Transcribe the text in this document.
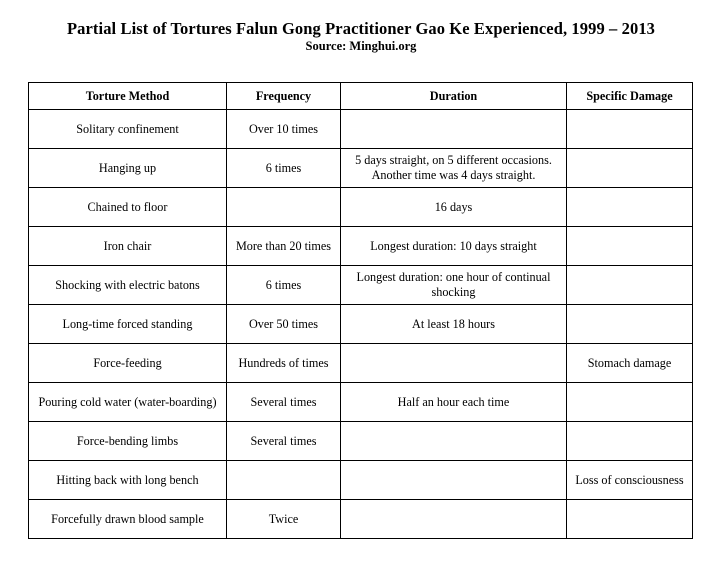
Partial List of Tortures Falun Gong Practitioner Gao Ke Experienced, 1999 – 2013
Source: Minghui.org
Torture Method	Frequency	Duration	Specific Damage
Solitary confinement	Over 10 times		
Hanging up	6 times	5 days straight, on 5 different occasions. Another time was 4 days straight.	
Chained to floor		16 days	
Iron chair	More than 20 times	Longest duration: 10 days straight	
Shocking with electric batons	6 times	Longest duration: one hour of continual shocking	
Long-time forced standing	Over 50 times	At least 18 hours	
Force-feeding	Hundreds of times		Stomach damage
Pouring cold water (water-boarding)	Several times	Half an hour each time	
Force-bending limbs	Several times		
Hitting back with long bench			Loss of consciousness
Forcefully drawn blood sample	Twice		
